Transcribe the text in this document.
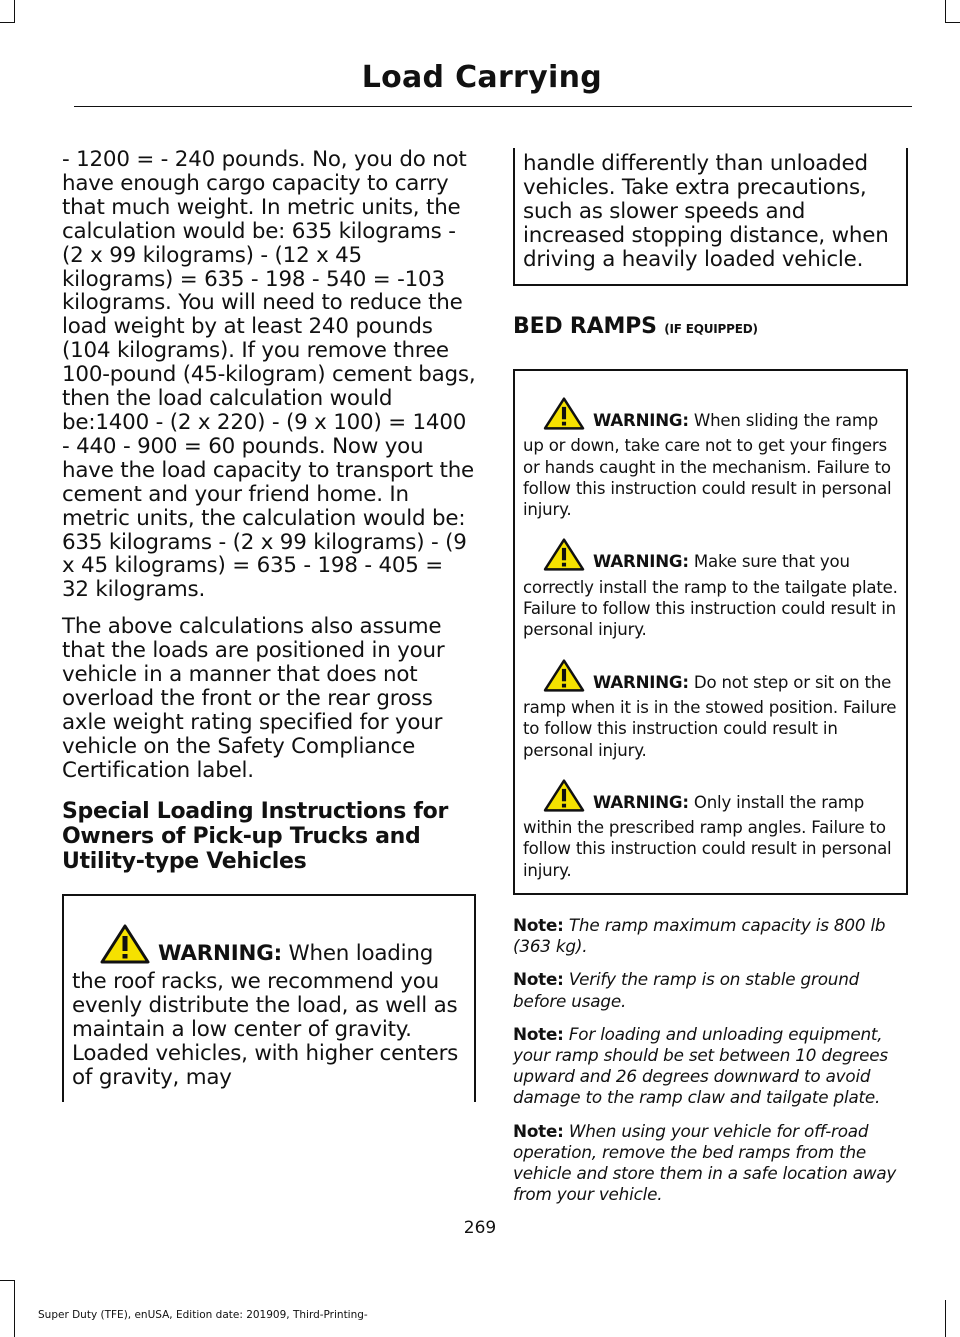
Load Carrying

- 1200 = - 240 pounds. No, you do not have enough cargo capacity to carry that much weight. In metric units, the calculation would be: 635 kilograms - (2 x 99 kilograms) - (12 x 45 kilograms) = 635 - 198 - 540 = -103 kilograms. You will need to reduce the load weight by at least 240 pounds (104 kilograms). If you remove three 100-pound (45-kilogram) cement bags, then the load calculation would be:1400 - (2 x 220) - (9 x 100) = 1400 - 440 - 900 = 60 pounds. Now you have the load capacity to transport the cement and your friend home. In metric units, the calculation would be: 635 kilograms - (2 x 99 kilograms) - (9 x 45 kilograms) = 635 - 198 - 405 = 32 kilograms.

The above calculations also assume that the loads are positioned in your vehicle in a manner that does not overload the front or the rear gross axle weight rating specified for your vehicle on the Safety Compliance Certification label.

Special Loading Instructions for Owners of Pick-up Trucks and Utility-type Vehicles
WARNING: When loading the roof racks, we recommend you evenly distribute the load, as well as maintain a low center of gravity. Loaded vehicles, with higher centers of gravity, may
handle differently than unloaded vehicles. Take extra precautions, such as slower speeds and increased stopping distance, when driving a heavily loaded vehicle.
BED RAMPS (IF EQUIPPED)

WARNING: When sliding the ramp up or down, take care not to get your fingers or hands caught in the mechanism. Failure to follow this instruction could result in personal injury.

WARNING: Make sure that you correctly install the ramp to the tailgate plate. Failure to follow this instruction could result in personal injury.

WARNING: Do not step or sit on the ramp when it is in the stowed position. Failure to follow this instruction could result in personal injury.

WARNING: Only install the ramp within the prescribed ramp angles. Failure to follow this instruction could result in personal injury.

Note: The ramp maximum capacity is 800 lb (363 kg).

Note: Verify the ramp is on stable ground before usage.

Note: For loading and unloading equipment, your ramp should be set between 10 degrees upward and 26 degrees downward to avoid damage to the ramp claw and tailgate plate.

Note: When using your vehicle for off-road operation, remove the bed ramps from the vehicle and store them in a safe location away from your vehicle.

269
Super Duty (TFE), enUSA, Edition date: 201909, Third-Printing-
